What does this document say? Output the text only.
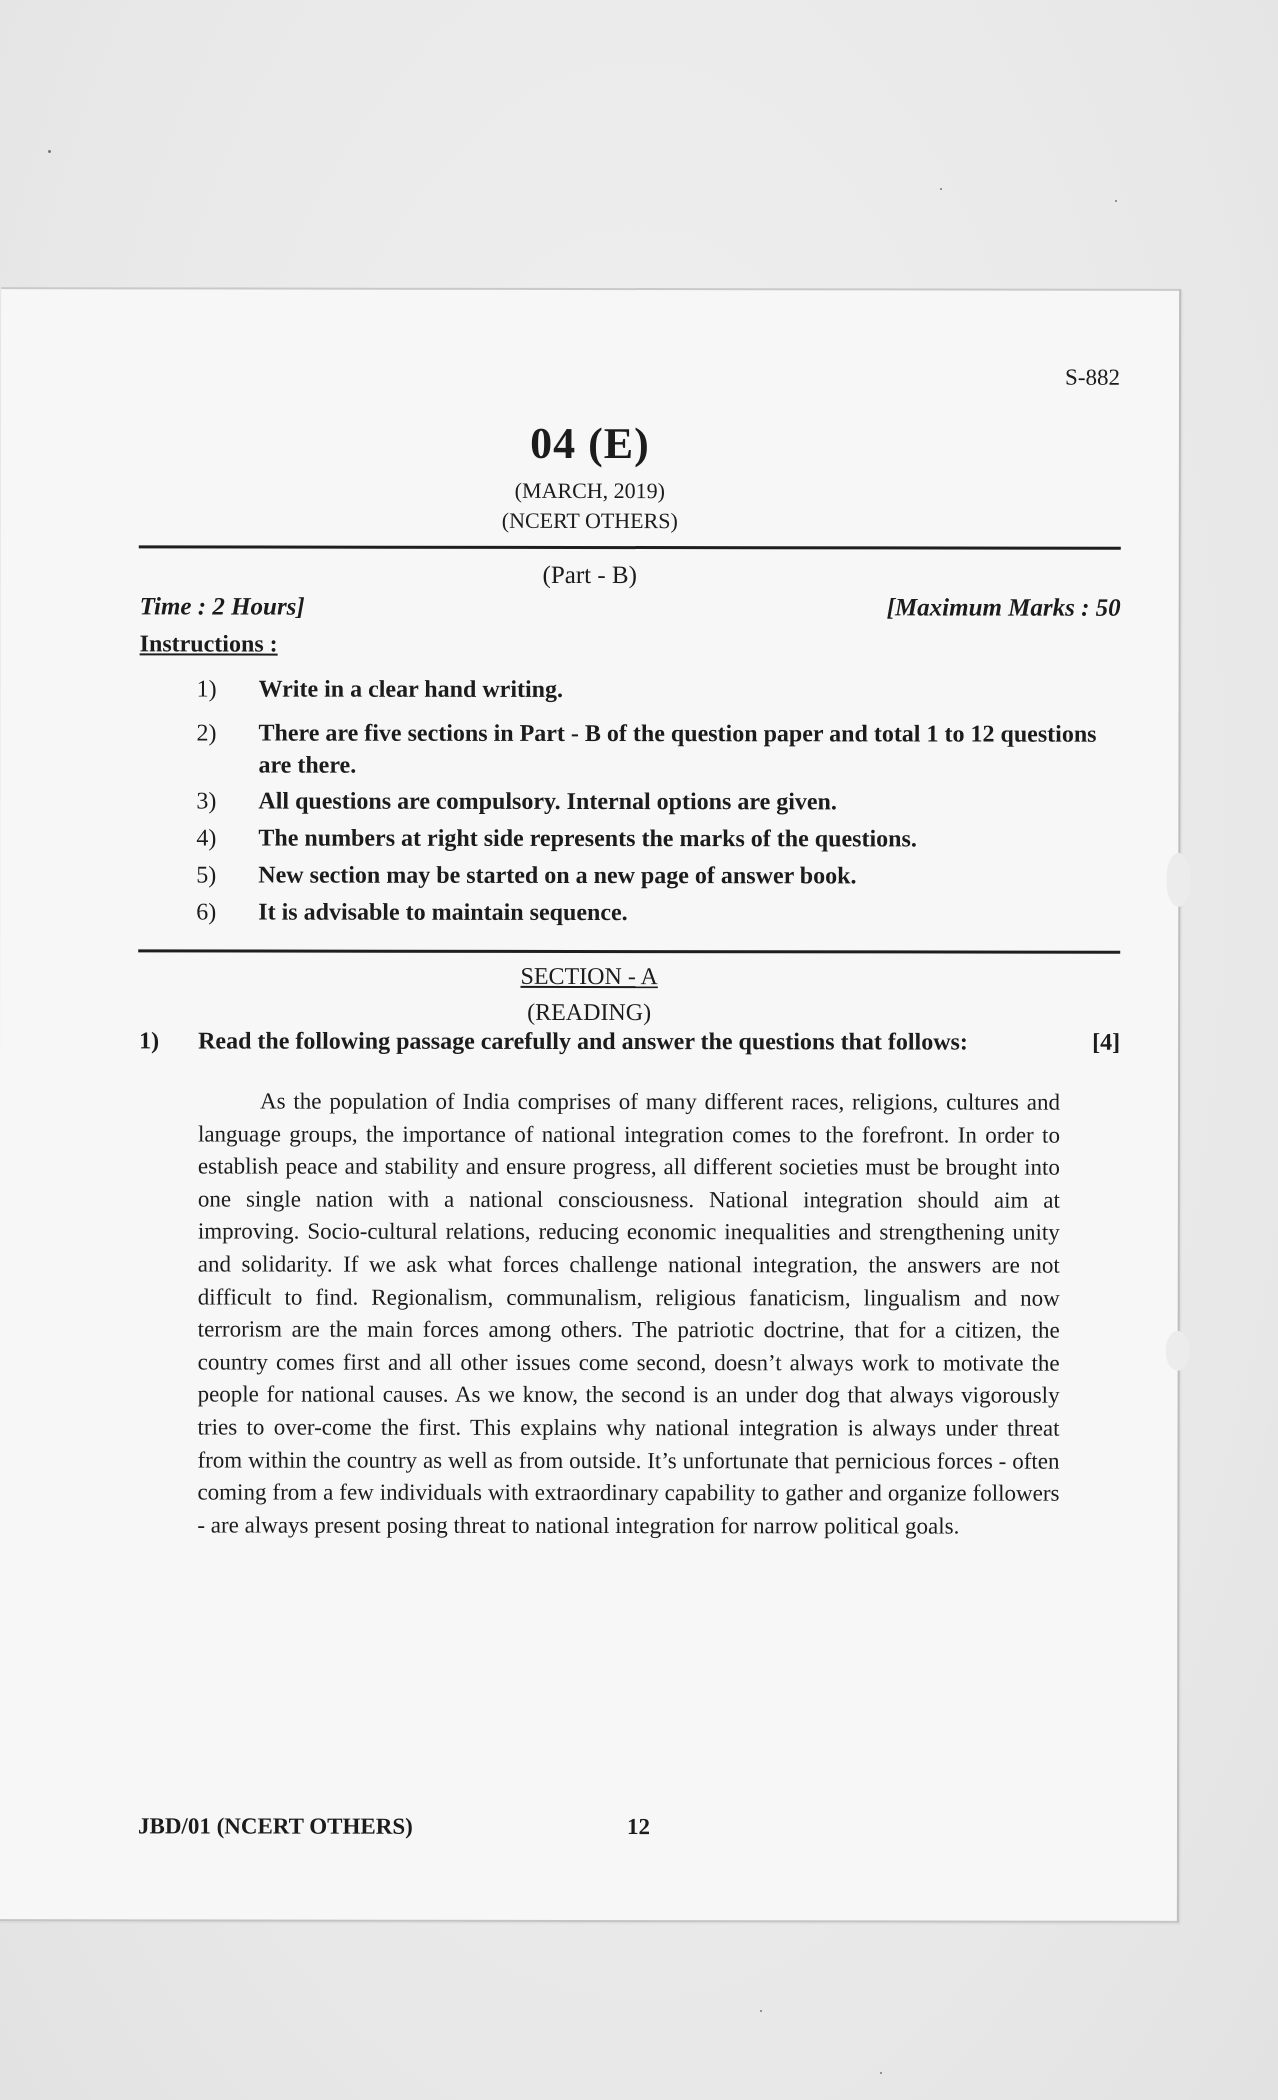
S-882
04 (E)
(MARCH, 2019)
(NCERT OTHERS)
(Part - B)
Time : 2 Hours]	[Maximum Marks : 50
Instructions :
1)	Write in a clear hand writing.
2)	There are five sections in Part - B of the question paper and total 1 to 12 questions are there.
3)	All questions are compulsory. Internal options are given.
4)	The numbers at right side represents the marks of the questions.
5)	New section may be started on a new page of answer book.
6)	It is advisable to maintain sequence.
SECTION - A
(READING)
1) Read the following passage carefully and answer the questions that follows:	[4]

As the population of India comprises of many different races, religions, cultures and language groups, the importance of national integration comes to the forefront. In order to establish peace and stability and ensure progress, all different societies must be brought into one single nation with a national consciousness. National integration should aim at improving. Socio-cultural relations, reducing economic inequalities and strengthening unity and solidarity. If we ask what forces challenge national integration, the answers are not difficult to find. Regionalism, communalism, religious fanaticism, lingualism and now terrorism are the main forces among others. The patriotic doctrine, that for a citizen, the country comes first and all other issues come second, doesn’t always work to motivate the people for national causes. As we know, the second is an under dog that always vigorously tries to over-come the first. This explains why national integration is always under threat from within the country as well as from outside. It’s unfortunate that pernicious forces - often coming from a few individuals with extraordinary capability to gather and organize followers - are always present posing threat to national integration for narrow political goals.

JBD/01 (NCERT OTHERS)	12
